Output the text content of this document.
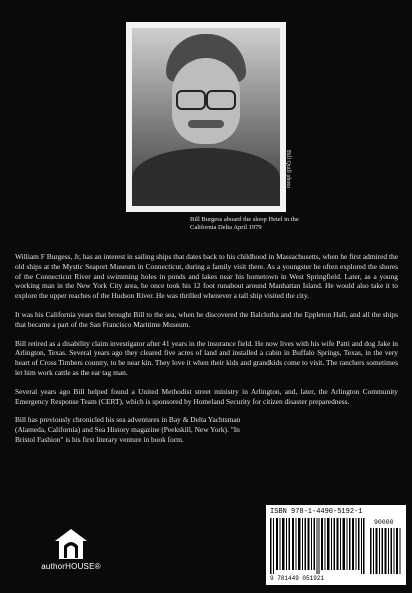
Bill Quill photo
Bill Burgess aboard the sloop Hetel in the California Delta April 1979

William F Burgess, Jr, has an interest in sailing ships that dates back to his childhood in Massachusetts, when he first admired the old ships at the Mystic Seaport Museum in Connecticut, during a family visit there. As a youngster he often explored the shores of the Connecticut River and swimming holes in ponds and lakes near his hometown in West Springfield. Later, as a young working man in the New York City area, he once took his 12 foot runabout around Manhattan Island. He would also take it to explore the upper reaches of the Hudson River. He was thrilled whenever a tall ship visited the city.

It was his California years that brought Bill to the sea, when he discovered the Balclutha and the Eppleton Hall, and all the ships that became a part of the San Francisco Maritime Museum.

Bill retired as a disability claim investigator after 41 years in the insurance field. He now lives with his wife Patti and dog Jake in Arlington, Texas. Several years ago they cleared five acres of land and installed a cabin in Buffalo Springs, Texas, in the very heart of Cross Timbers country, to be near kin. They love it when their kids and grandkids come to visit. The ranchers sometimes let him work cattle as the ear tag man.

Several years ago Bill helped found a United Methodist street ministry in Arlington, and, later, the Arlington Community Emergency Response Team (CERT), which is sponsored by Homeland Security for citizen disaster preparedness.

Bill has previously chronicled his sea adventures in Bay & Delta Yachtsman (Alameda, California) and Sea History magazine (Peekskill, New York). "In Bristol Fashion" is his first literary venture in book form.

authorHOUSE®
ISBN 978-1-4490-5192-1
90000
9 781449 051921
